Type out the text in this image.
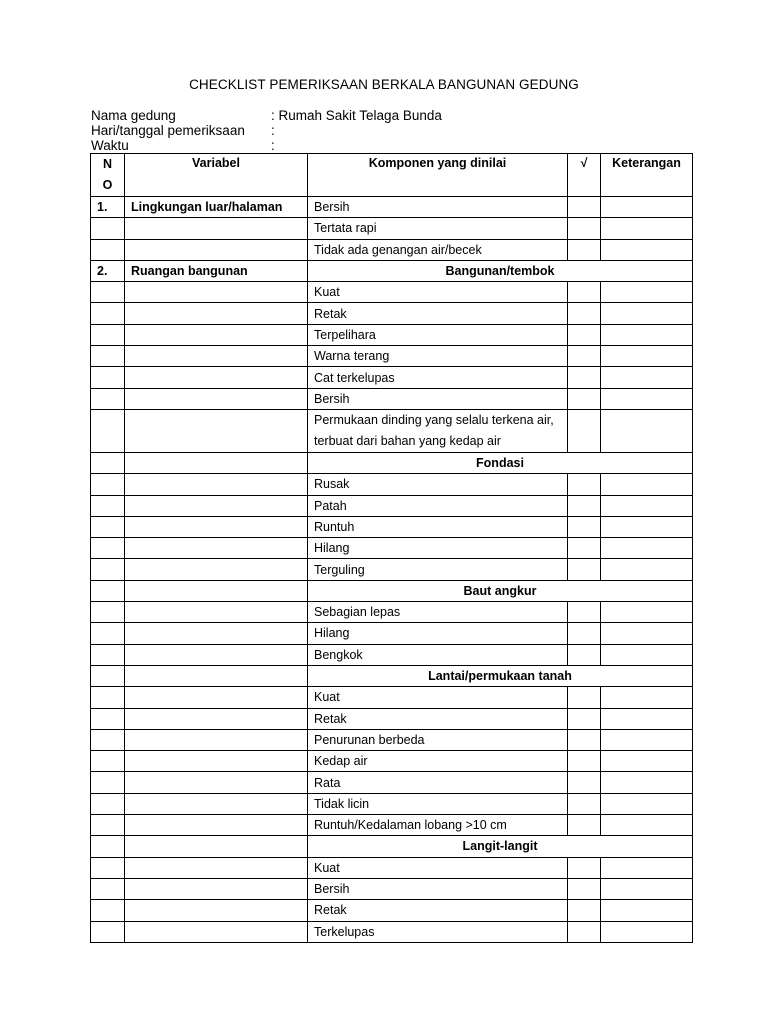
CHECKLIST PEMERIKSAAN BERKALA BANGUNAN GEDUNG
Nama gedung	: Rumah Sakit Telaga Bunda
Hari/tanggal pemeriksaan	:
Waktu	:
N
O	Variabel	Komponen yang dinilai	√	Keterangan
1.	Lingkungan luar/halaman	Bersih		
		Tertata rapi		
		Tidak ada genangan air/becek		
2.	Ruangan bangunan	Bangunan/tembok		
		Kuat		
		Retak		
		Terpelihara		
		Warna terang		
		Cat terkelupas		
		Bersih		
		Permukaan dinding yang selalu terkena air, terbuat dari bahan yang kedap air		
		Fondasi		
		Rusak		
		Patah		
		Runtuh		
		Hilang		
		Terguling		
		Baut angkur		
		Sebagian lepas		
		Hilang		
		Bengkok		
		Lantai/permukaan tanah		
		Kuat		
		Retak		
		Penurunan berbeda		
		Kedap air		
		Rata		
		Tidak licin		
		Runtuh/Kedalaman lobang >10 cm		
		Langit-langit		
		Kuat		
		Bersih		
		Retak		
		Terkelupas		
